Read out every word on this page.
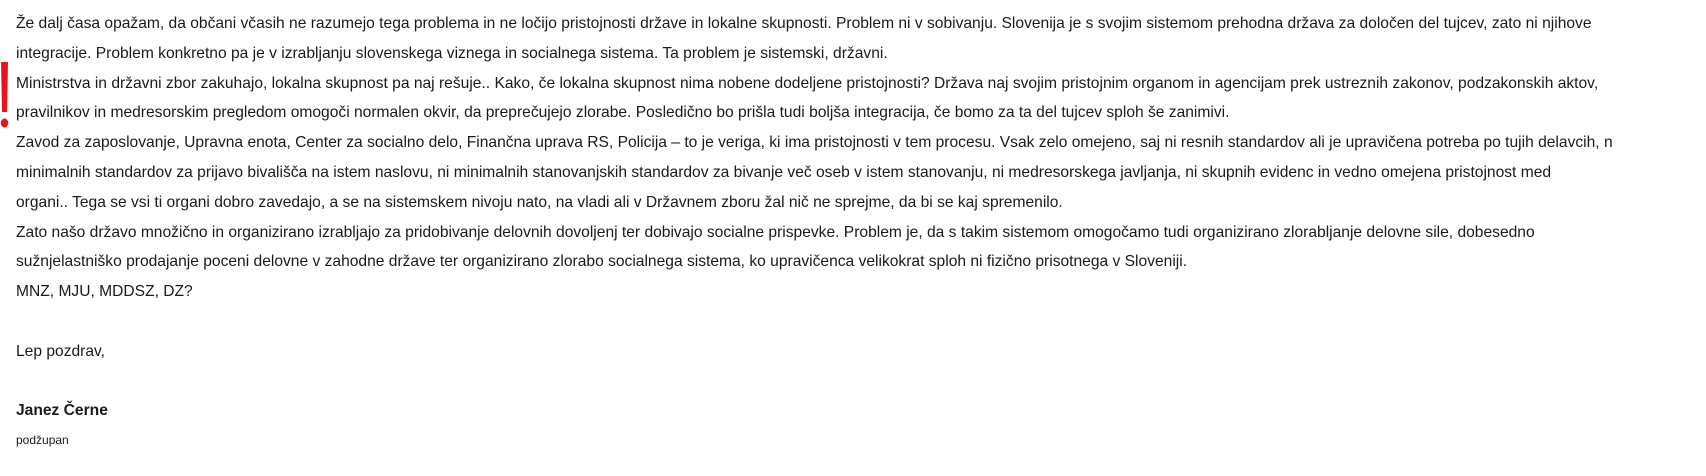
Že dalj časa opažam, da občani včasih ne razumejo tega problema in ne ločijo pristojnosti države in lokalne skupnosti. Problem ni v sobivanju. Slovenija je s svojim sistemom prehodna država za določen del tujcev, zato ni njihove
integracije. Problem konkretno pa je v izrabljanju slovenskega viznega in socialnega sistema. Ta problem je sistemski, državni.
Ministrstva in državni zbor zakuhajo, lokalna skupnost pa naj rešuje.. Kako, če lokalna skupnost nima nobene dodeljene pristojnosti? Država naj svojim pristojnim organom in agencijam prek ustreznih zakonov, podzakonskih aktov,
pravilnikov in medresorskim pregledom omogoči normalen okvir, da preprečujejo zlorabe. Posledično bo prišla tudi boljša integracija, če bomo za ta del tujcev sploh še zanimivi.
Zavod za zaposlovanje, Upravna enota, Center za socialno delo, Finančna uprava RS, Policija – to je veriga, ki ima pristojnosti v tem procesu. Vsak zelo omejeno, saj ni resnih standardov ali je upravičena potreba po tujih delavcih, n
minimalnih standardov za prijavo bivališča na istem naslovu, ni minimalnih stanovanjskih standardov za bivanje več oseb v istem stanovanju, ni medresorskega javljanja, ni skupnih evidenc in vedno omejena pristojnost med
organi.. Tega se vsi ti organi dobro zavedajo, a se na sistemskem nivoju nato, na vladi ali v Državnem zboru žal nič ne sprejme, da bi se kaj spremenilo.
Zato našo državo množično in organizirano izrabljajo za pridobivanje delovnih dovoljenj ter dobivajo socialne prispevke. Problem je, da s takim sistemom omogočamo tudi organizirano zlorabljanje delovne sile, dobesedno
sužnjelastniško prodajanje poceni delovne v zahodne države ter organizirano zlorabo socialnega sistema, ko upravičenca velikokrat sploh ni fizično prisotnega v Sloveniji.
MNZ, MJU, MDDSZ, DZ?
Lep pozdrav,
Janez Černe
podžupan
